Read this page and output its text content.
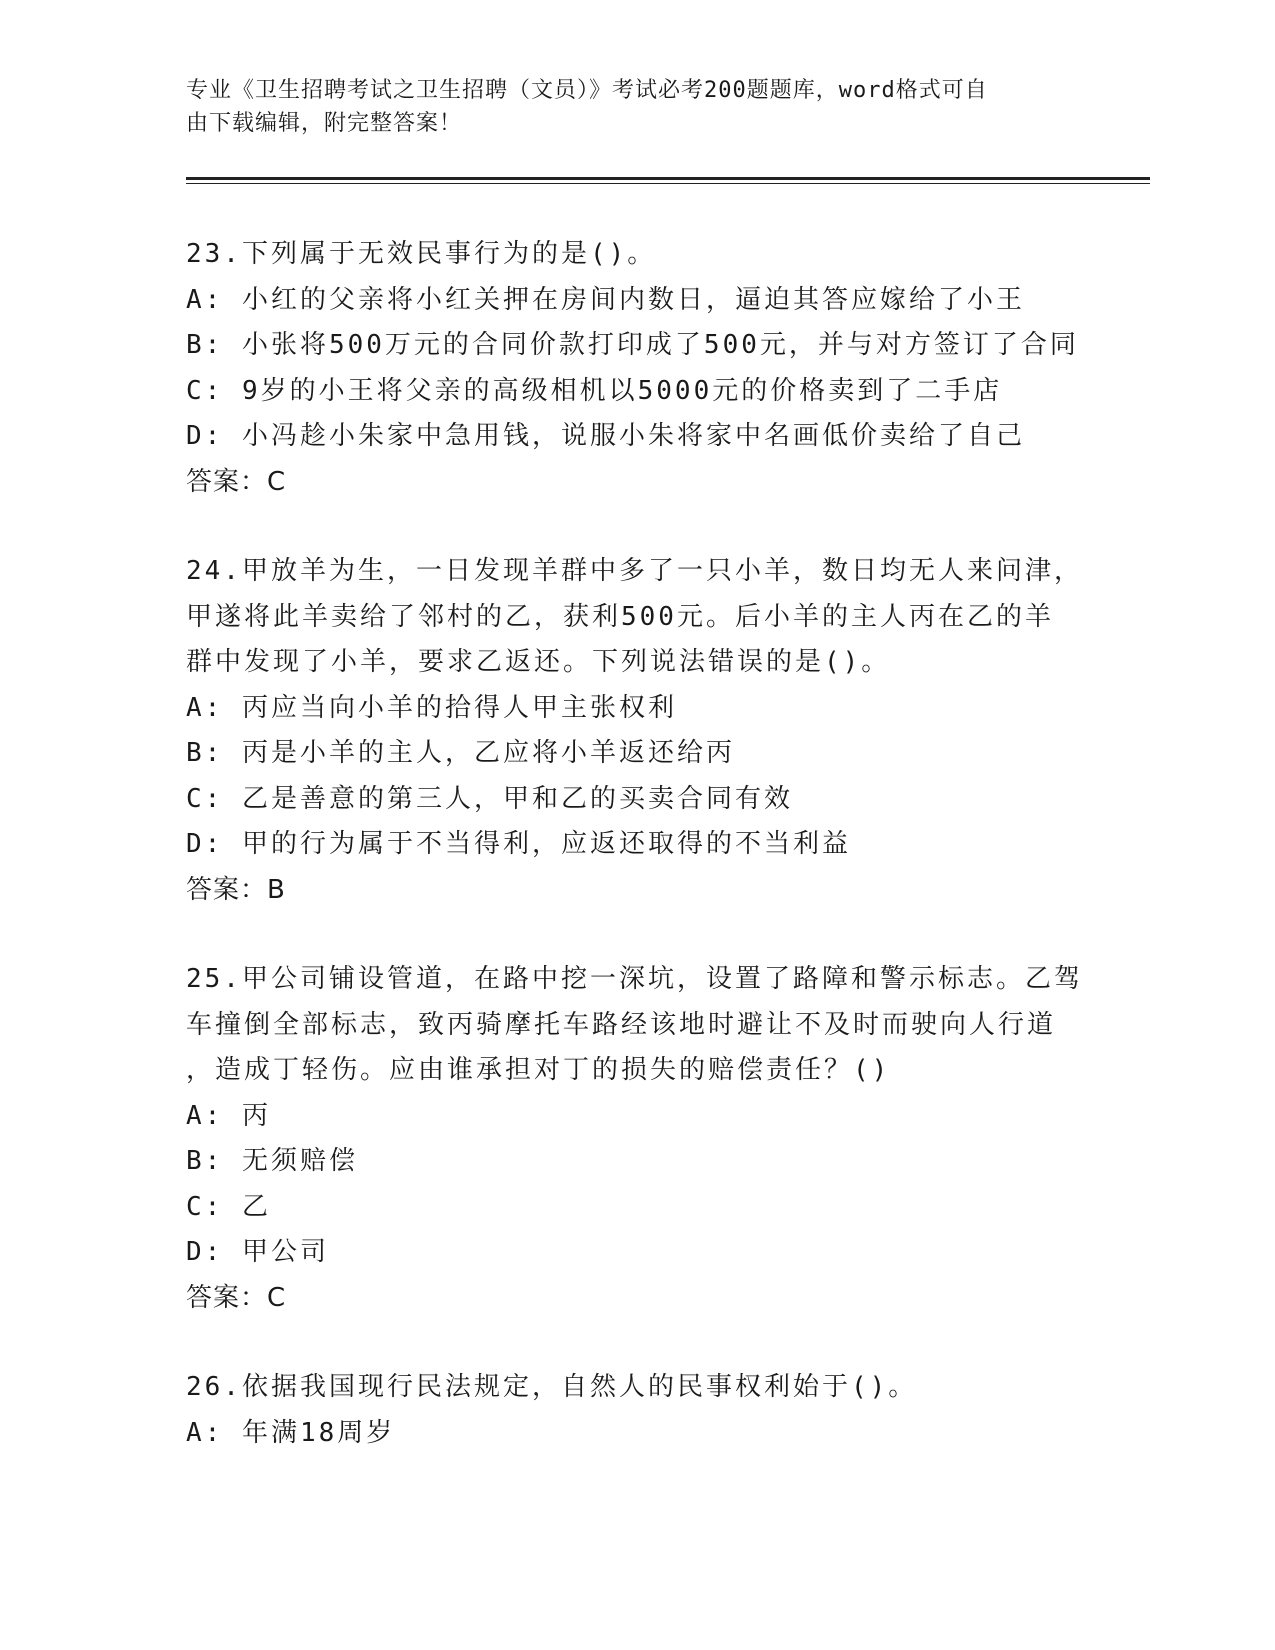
专业《卫生招聘考试之卫生招聘（文员）》考试必考200题题库，word格式可自
由下载编辑，附完整答案！
23.下列属于无效民事行为的是()。
A: 小红的父亲将小红关押在房间内数日，逼迫其答应嫁给了小王
B: 小张将500万元的合同价款打印成了500元，并与对方签订了合同
C: 9岁的小王将父亲的高级相机以5000元的价格卖到了二手店
D: 小冯趁小朱家中急用钱，说服小朱将家中名画低价卖给了自己
答案：C
24.甲放羊为生，一日发现羊群中多了一只小羊，数日均无人来问津，
甲遂将此羊卖给了邻村的乙，获利500元。后小羊的主人丙在乙的羊
群中发现了小羊，要求乙返还。下列说法错误的是()。
A: 丙应当向小羊的拾得人甲主张权利
B: 丙是小羊的主人，乙应将小羊返还给丙
C: 乙是善意的第三人，甲和乙的买卖合同有效
D: 甲的行为属于不当得利，应返还取得的不当利益
答案：B
25.甲公司铺设管道，在路中挖一深坑，设置了路障和警示标志。乙驾
车撞倒全部标志，致丙骑摩托车路经该地时避让不及时而驶向人行道
，造成丁轻伤。应由谁承担对丁的损失的赔偿责任？()
A: 丙
B: 无须赔偿
C: 乙
D: 甲公司
答案：C
26.依据我国现行民法规定，自然人的民事权利始于()。
A: 年满18周岁
